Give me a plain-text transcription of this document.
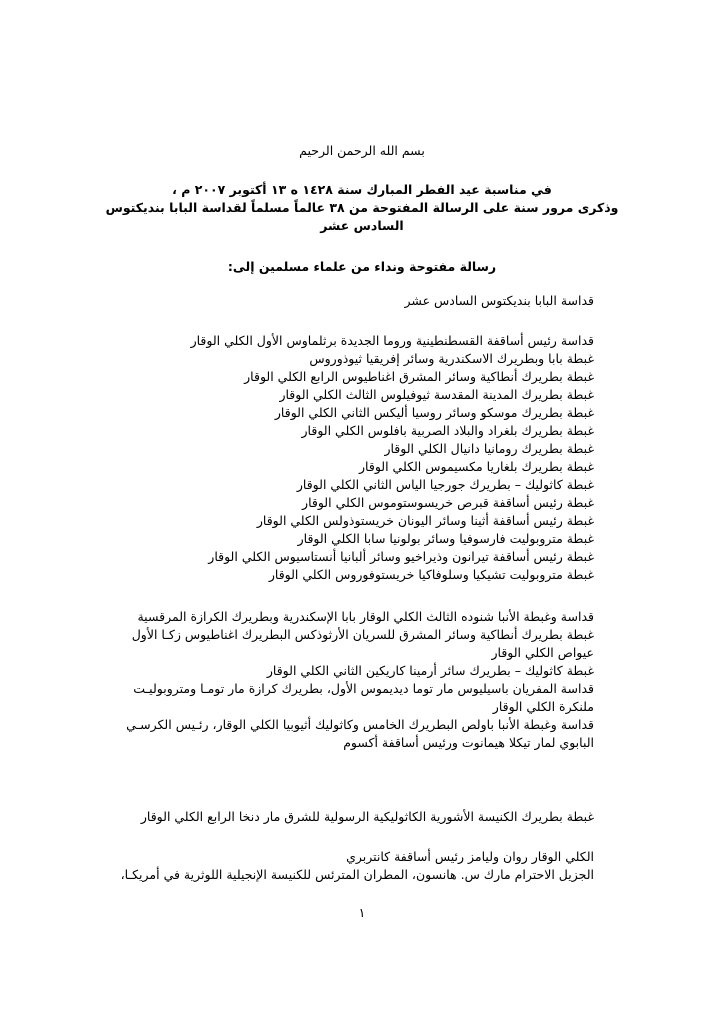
بسم الله الرحمن الرحيم
في مناسبة عيد الفطر المبارك سنة ١٤٢٨ ه ١٣ أكتوبر ٢٠٠٧ م ،
وذكرى مرور سنة على الرسالة المفتوحة من ٣٨ عالماً مسلماً لقداسة البابا بنديكتوس
السادس عشر
رسالة مفتوحة ونداء من علماء مسلمين إلى:
قداسة البابا بنديكتوس السادس عشر
قداسة رئيس أساقفة القسطنطينية وروما الجديدة برثلماوس الأول الكلي الوقار
غبطة بابا وبطريرك الاسكندرية وسائر إفريقيا ثيوذوروس
غبطة بطريرك أنطاكية وسائر المشرق اغناطيوس الرابع الكلي الوقار
غبطة بطريرك المدينة المقدسة ثيوفيلوس الثالث الكلي الوقار
غبطة بطريرك موسكو وسائر روسيا أليكس الثاني الكلي الوقار
غبطة بطريرك بلغراد والبلاد الصربية بافلوس الكلي الوقار
غبطة بطريرك رومانيا دانيال الكلي الوقار
غبطة بطريرك بلغاريا مكسيموس الكلي الوقار
غبطة كاثوليك – بطريرك جورجيا الياس الثاني الكلي الوقار
غبطة رئيس أساقفة قبرص خريسوستوموس الكلي الوقار
غبطة رئيس أساقفة أثينا وسائر اليونان خريستوذولس الكلي الوقار
غبطة متروبوليت فارسوفيا وسائر بولونيا سابا الكلي الوقار
غبطة رئيس أساقفة تيرانون وذيراخيو وسائر ألبانيا أنستاسيوس الكلي الوقار
غبطة متروبوليت تشيكيا وسلوفاكيا خريستوفوروس الكلي الوقار
قداسة وغبطة الأنبا شنوده الثالث الكلي الوقار بابا الإسكندرية وبطريرك الكرازة المرقسية
غبطة بطريرك أنطاكية وسائر المشرق للسريان الأرثوذكس البطريرك اغناطيوس زكـا الأول
عيواص الكلي الوقار
غبطة كاثوليك – بطريرك سائر أرمينا كاريكين الثاني الكلي الوقار
قداسة المفريان باسيليوس مار توما ديديموس الأول، بطريرك كرازة مار تومـا ومتروبوليـت
ملنكرة الكلي الوقار
قداسة وغبطة الأنبا باولص البطريرك الخامس وكاثوليك أثيوبيا الكلي الوقار، رئـيس الكرسـي
البابوي لمار تيكلا هيمانوت ورئيس أساقفة أكسوم
غبطة بطريرك الكنيسة الأشورية الكاثوليكية الرسولية للشرق مار دنخا الرابع الكلي الوقار
الكلي الوقار روان وليامز رئيس أساقفة كانتربري
الجزيل الاحترام مارك س. هانسون، المطران المترئس للكنيسة الإنجيلية اللوثرية في أمريكـا،
١
